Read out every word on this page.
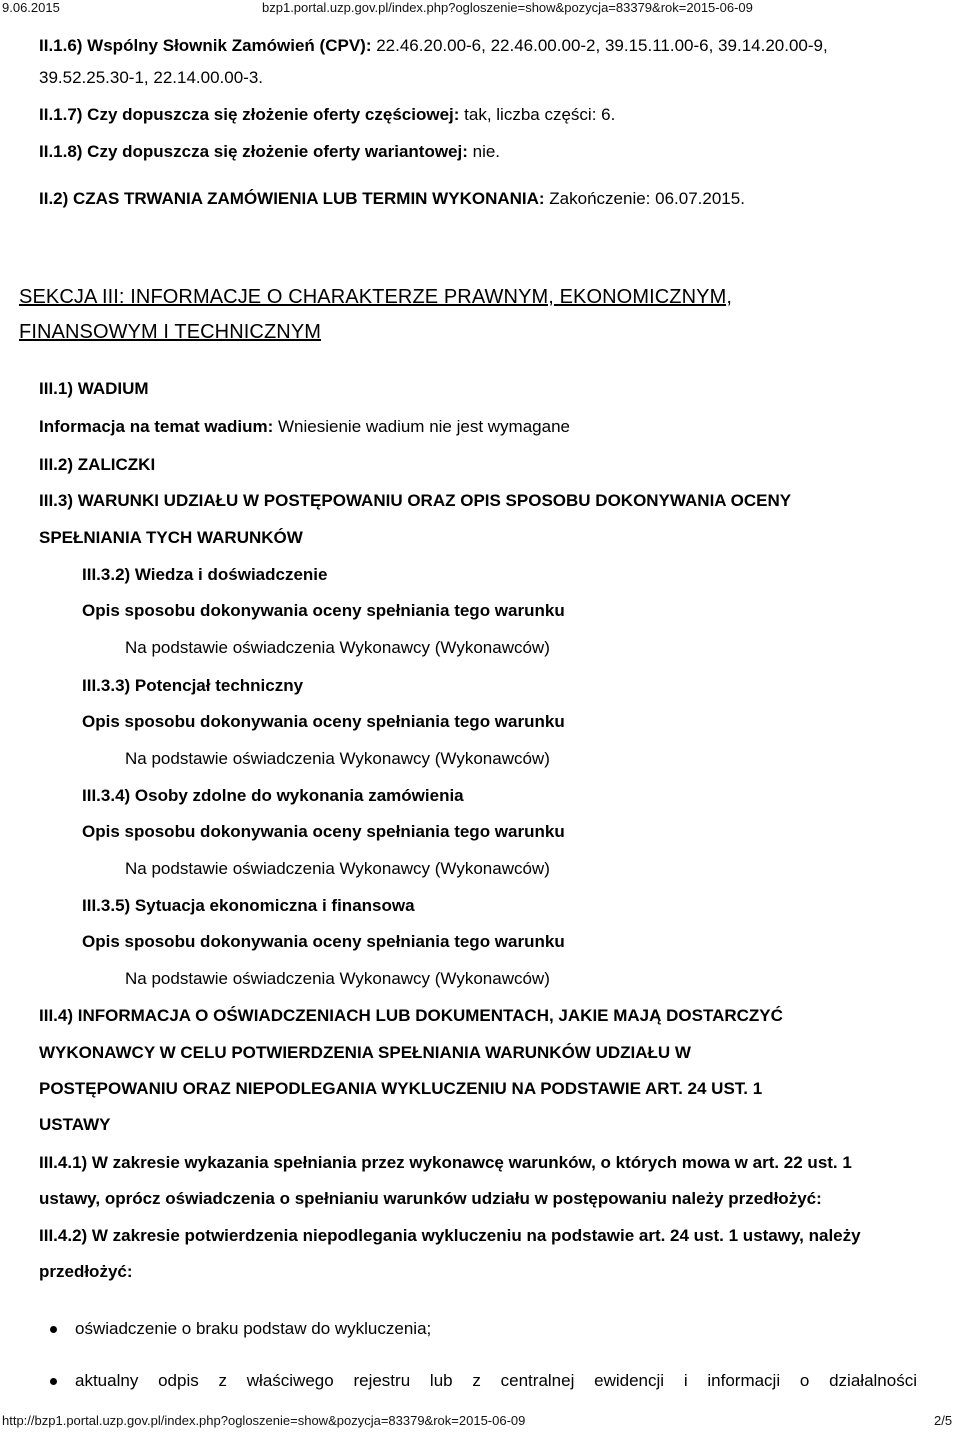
9.06.2015	bzp1.portal.uzp.gov.pl/index.php?ogloszenie=show&pozycja=83379&rok=2015-06-09
II.1.6) Wspólny Słownik Zamówień (CPV): 22.46.20.00-6, 22.46.00.00-2, 39.15.11.00-6, 39.14.20.00-9,
39.52.25.30-1, 22.14.00.00-3.
II.1.7) Czy dopuszcza się złożenie oferty częściowej: tak, liczba części: 6.
II.1.8) Czy dopuszcza się złożenie oferty wariantowej: nie.
II.2) CZAS TRWANIA ZAMÓWIENIA LUB TERMIN WYKONANIA: Zakończenie: 06.07.2015.
SEKCJA III: INFORMACJE O CHARAKTERZE PRAWNYM, EKONOMICZNYM,
FINANSOWYM I TECHNICZNYM
III.1) WADIUM
Informacja na temat wadium: Wniesienie wadium nie jest wymagane
III.2) ZALICZKI
III.3) WARUNKI UDZIAŁU W POSTĘPOWANIU ORAZ OPIS SPOSOBU DOKONYWANIA OCENY
SPEŁNIANIA TYCH WARUNKÓW
III.3.2) Wiedza i doświadczenie
Opis sposobu dokonywania oceny spełniania tego warunku
Na podstawie oświadczenia Wykonawcy (Wykonawców)
III.3.3) Potencjał techniczny
Opis sposobu dokonywania oceny spełniania tego warunku
Na podstawie oświadczenia Wykonawcy (Wykonawców)
III.3.4) Osoby zdolne do wykonania zamówienia
Opis sposobu dokonywania oceny spełniania tego warunku
Na podstawie oświadczenia Wykonawcy (Wykonawców)
III.3.5) Sytuacja ekonomiczna i finansowa
Opis sposobu dokonywania oceny spełniania tego warunku
Na podstawie oświadczenia Wykonawcy (Wykonawców)
III.4) INFORMACJA O OŚWIADCZENIACH LUB DOKUMENTACH, JAKIE MAJĄ DOSTARCZYĆ
WYKONAWCY W CELU POTWIERDZENIA SPEŁNIANIA WARUNKÓW UDZIAŁU W
POSTĘPOWANIU ORAZ NIEPODLEGANIA WYKLUCZENIU NA PODSTAWIE ART. 24 UST. 1
USTAWY
III.4.1) W zakresie wykazania spełniania przez wykonawcę warunków, o których mowa w art. 22 ust. 1
ustawy, oprócz oświadczenia o spełnianiu warunków udziału w postępowaniu należy przedłożyć:
III.4.2) W zakresie potwierdzenia niepodlegania wykluczeniu na podstawie art. 24 ust. 1 ustawy, należy
przedłożyć:
oświadczenie o braku podstaw do wykluczenia;
aktualny odpis z właściwego rejestru lub z centralnej ewidencji i informacji o działalności
http://bzp1.portal.uzp.gov.pl/index.php?ogloszenie=show&pozycja=83379&rok=2015-06-09	2/5
